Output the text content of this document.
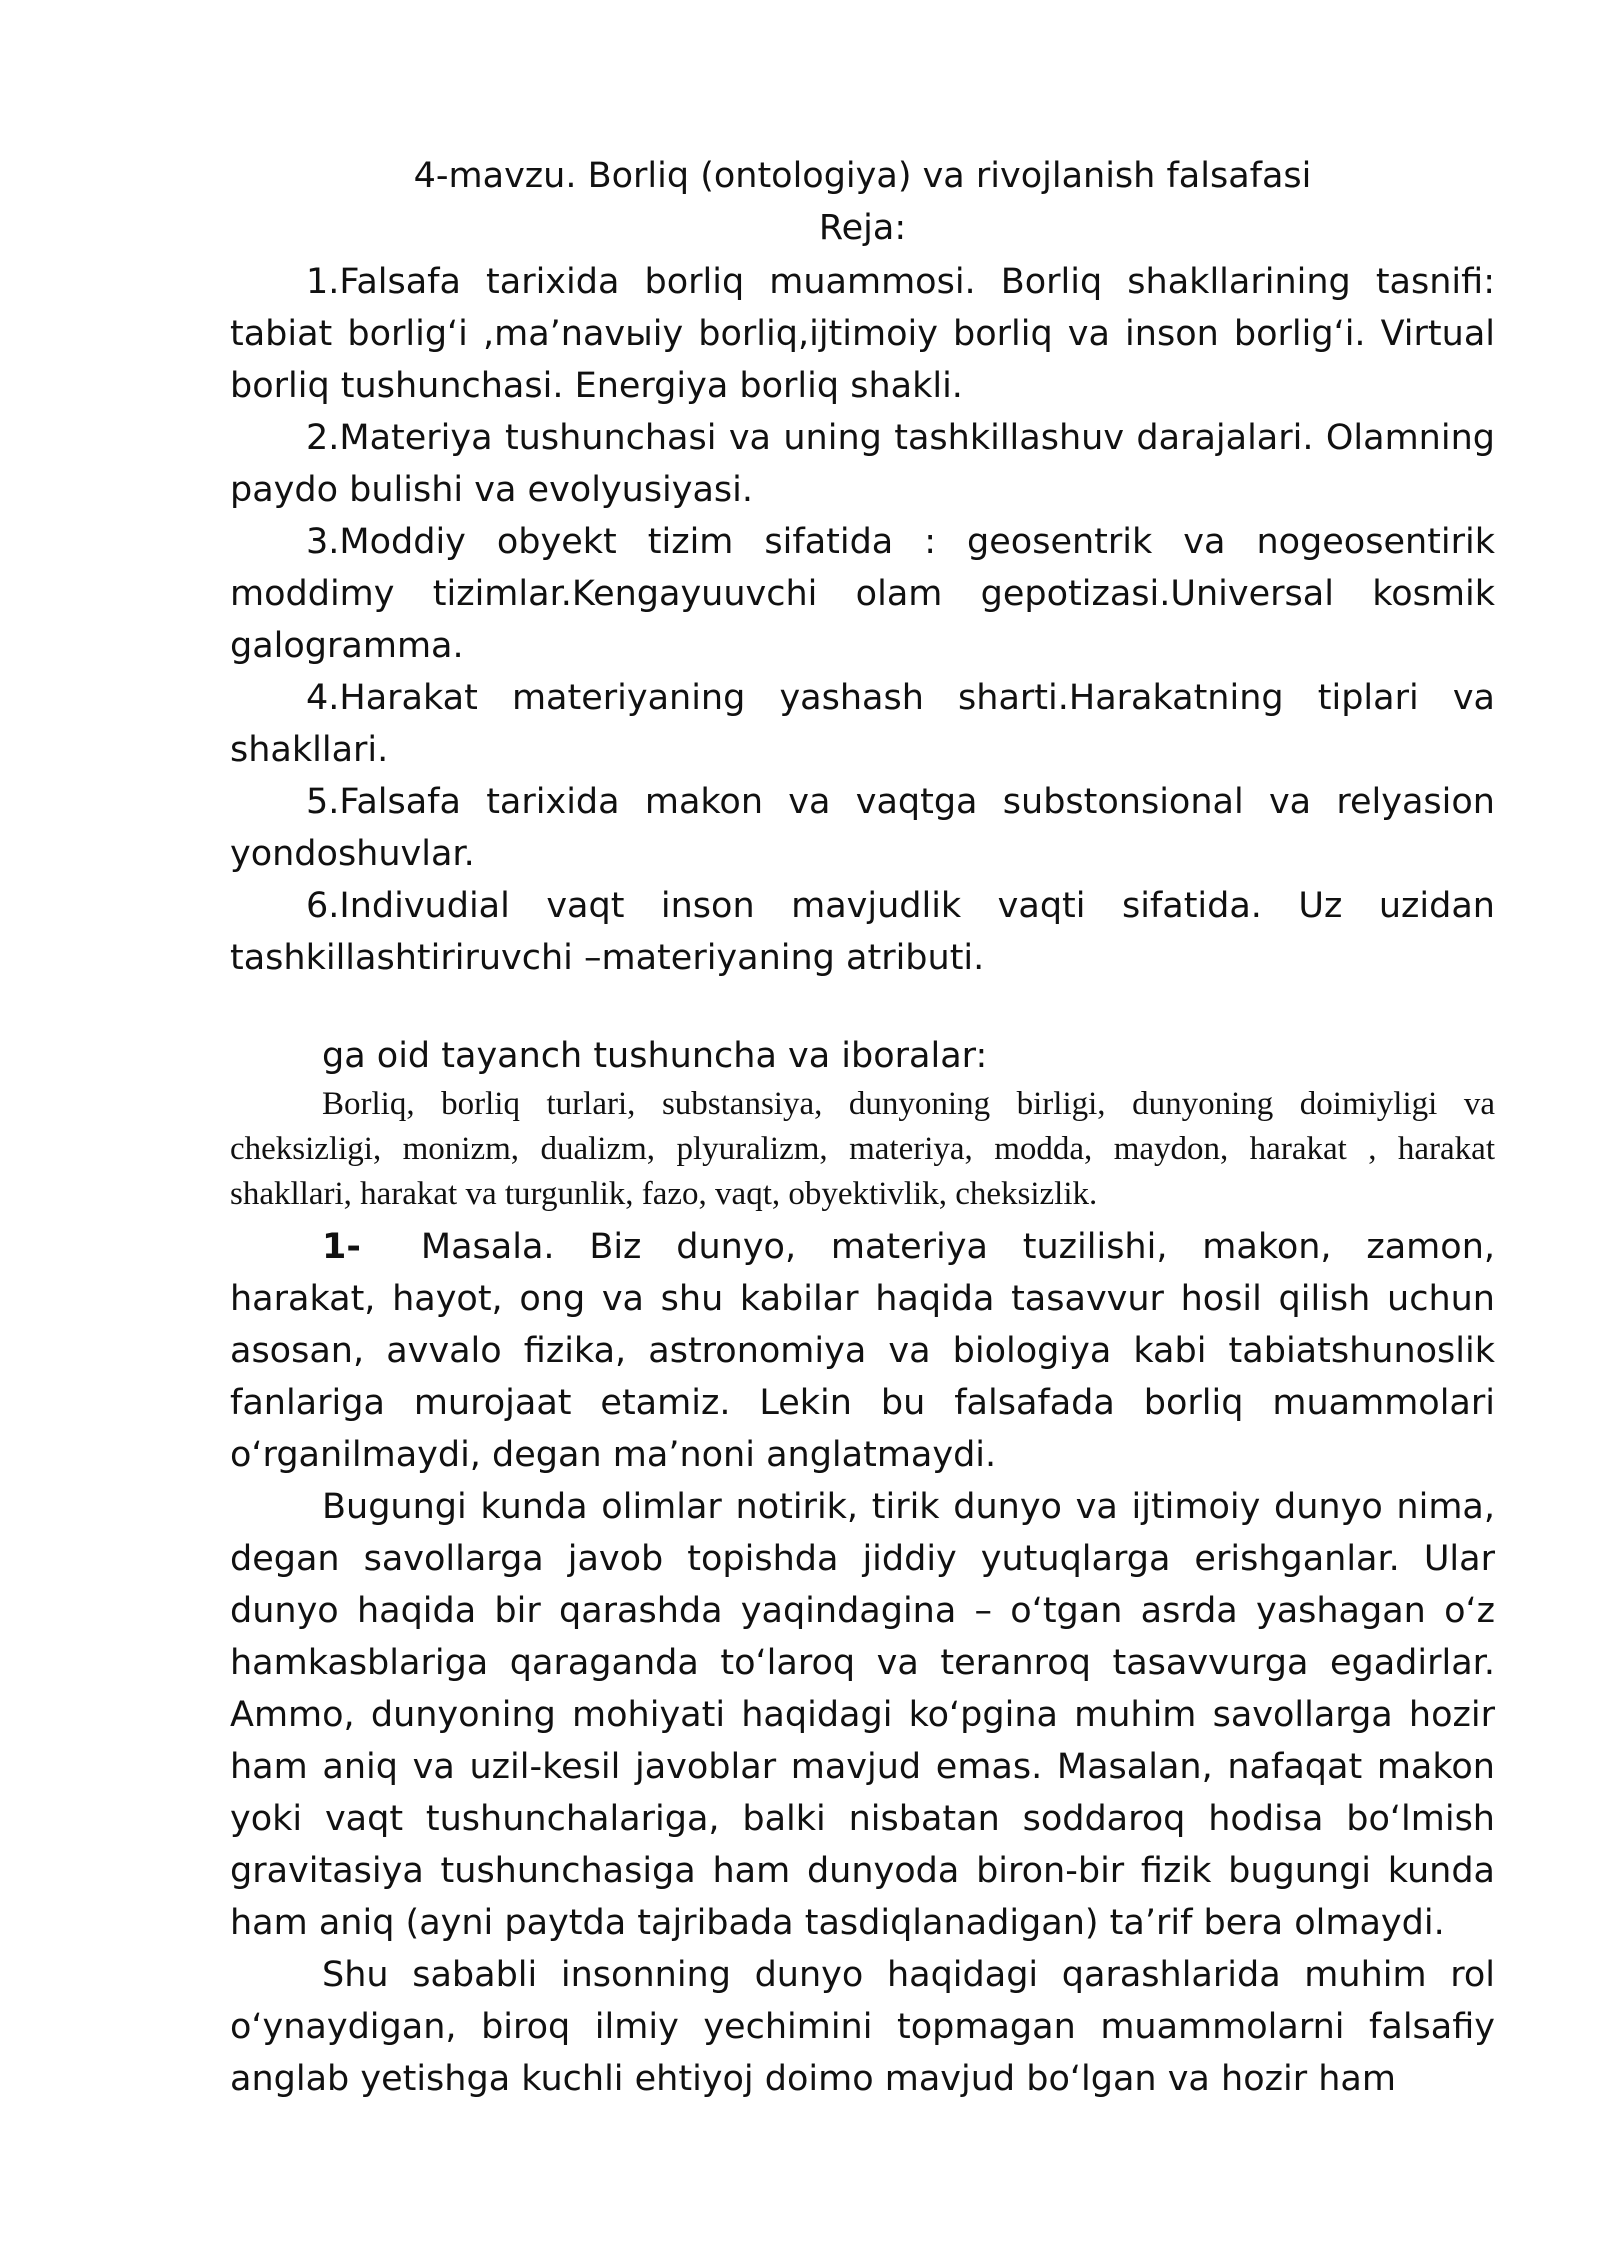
4-mavzu. Borliq (ontologiya) va rivojlanish falsafasi

Reja:

1.Falsafa tarixida borliq muammosi. Borliq shakllarining tasnifi: tabiat borligʻi ,maʼnavыiy borliq,ijtimoiy borliq va inson borligʻi. Virtual borliq tushunchasi. Energiya borliq shakli.

2.Materiya tushunchasi va uning tashkillashuv darajalari. Olamning paydo bulishi va evolyusiyasi.

3.Moddiy obyekt tizim sifatida : geosentrik va nogeosentirik moddimy tizimlar.Kengayuuvchi olam gepotizasi.Universal kosmik galogramma.

4.Harakat materiyaning yashash sharti.Harakatning tiplari va shakllari.

5.Falsafa tarixida makon va vaqtga substonsional va relyasion yondoshuvlar.

6.Indivudial vaqt inson mavjudlik vaqti sifatida. Uz uzidan tashkillashtiriruvchi –materiyaning atributi.

ga oid tayanch tushuncha va iboralar:

Borliq, borliq turlari, substansiya, dunyoning birligi, dunyoning doimiyligi va cheksizligi, monizm, dualizm, plyuralizm, materiya, modda, maydon, harakat , harakat shakllari, harakat va turgunlik, fazo, vaqt, obyektivlik, cheksizlik.

1- Masala. Biz dunyo, materiya tuzilishi, makon, zamon, harakat, hayot, ong va shu kabilar haqida tasavvur hosil qilish uchun asosan, avvalo fizika, astronomiya va biologiya kabi tabiatshunoslik fanlariga murojaat etamiz. Lekin bu falsafada borliq muammolari oʻrganilmaydi, degan maʼnoni anglatmaydi.

Bugungi kunda olimlar notirik, tirik dunyo va ijtimoiy dunyo nima, degan savollarga javob topishda jiddiy yutuqlarga erishganlar. Ular dunyo haqida bir qarashda yaqindagina – oʻtgan asrda yashagan oʻz hamkasblariga qaraganda toʻlaroq va teranroq tasavvurga egadirlar. Ammo, dunyoning mohiyati haqidagi koʻpgina muhim savollarga hozir ham aniq va uzil-kesil javoblar mavjud emas. Masalan, nafaqat makon yoki vaqt tushunchalariga, balki nisbatan soddaroq hodisa boʻlmish gravitasiya tushunchasiga ham dunyoda biron-bir fizik bugungi kunda ham aniq (ayni paytda tajribada tasdiqlanadigan) taʼrif bera olmaydi.

Shu sababli insonning dunyo haqidagi qarashlarida muhim rol oʻynaydigan, biroq ilmiy yechimini topmagan muammolarni falsafiy anglab yetishga kuchli ehtiyoj doimo mavjud boʻlgan va hozir ham
